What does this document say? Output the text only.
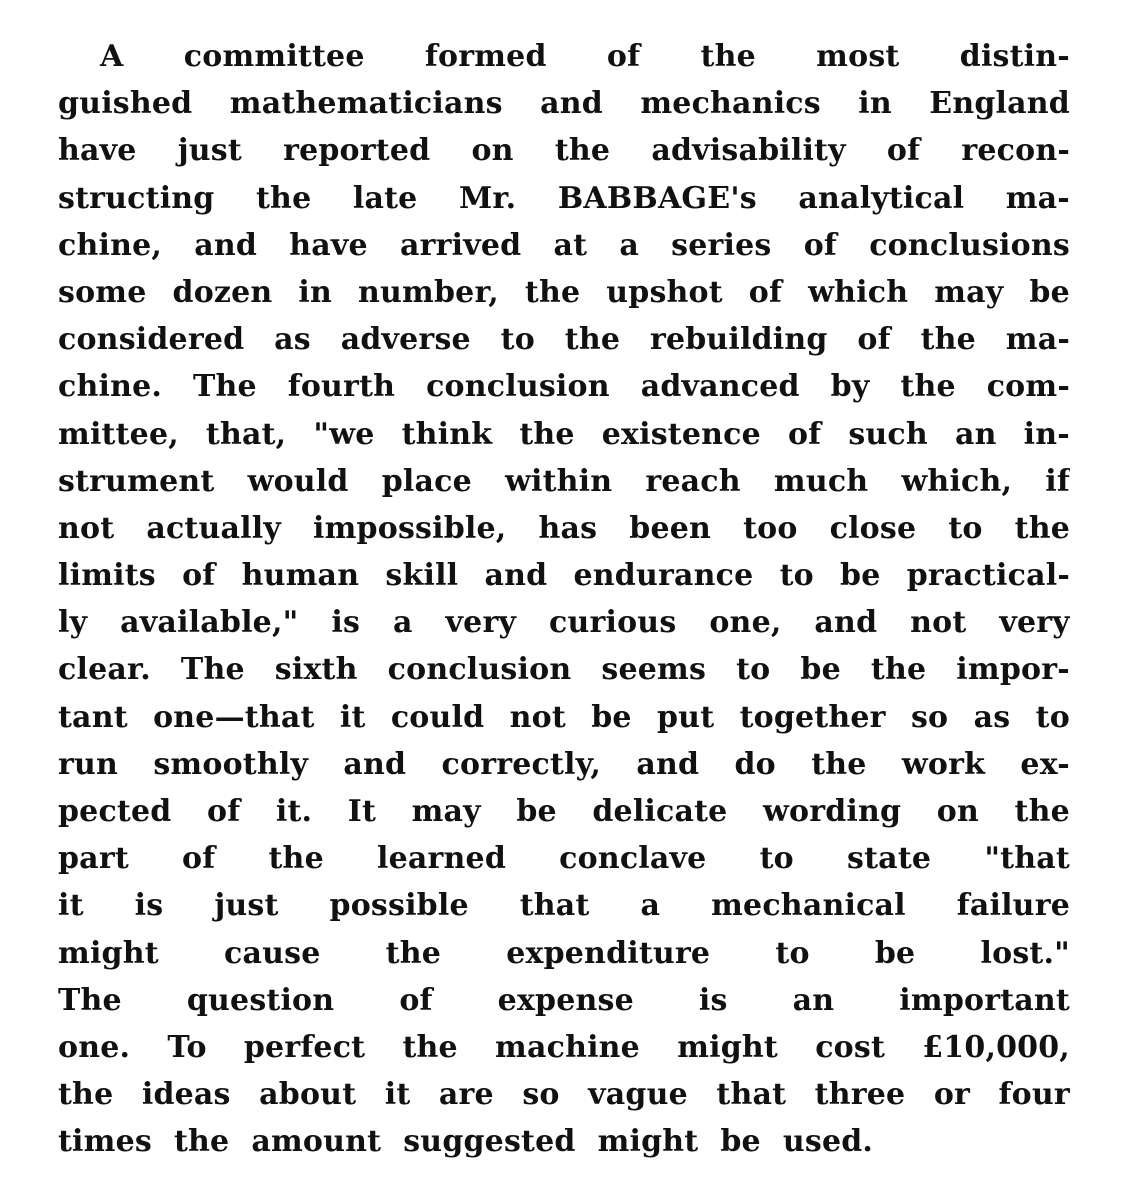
A committee formed of the most distin-
guished mathematicians and mechanics in England
have just reported on the advisability of recon-
structing the late Mr. BABBAGE's analytical ma-
chine, and have arrived at a series of conclusions
some dozen in number, the upshot of which may be
considered as adverse to the rebuilding of the ma-
chine. The fourth conclusion advanced by the com-
mittee, that, "we think the existence of such an in-
strument would place within reach much which, if
not actually impossible, has been too close to the
limits of human skill and endurance to be practical-
ly available," is a very curious one, and not very
clear. The sixth conclusion seems to be the impor-
tant one—that it could not be put together so as to
run smoothly and correctly, and do the work ex-
pected of it. It may be delicate wording on the
part of the learned conclave to state "that
it is just possible that a mechanical failure
might cause the expenditure to be lost."
The question of expense is an important
one. To perfect the machine might cost £10,000,
the ideas about it are so vague that three or four
times the amount suggested might be used.
